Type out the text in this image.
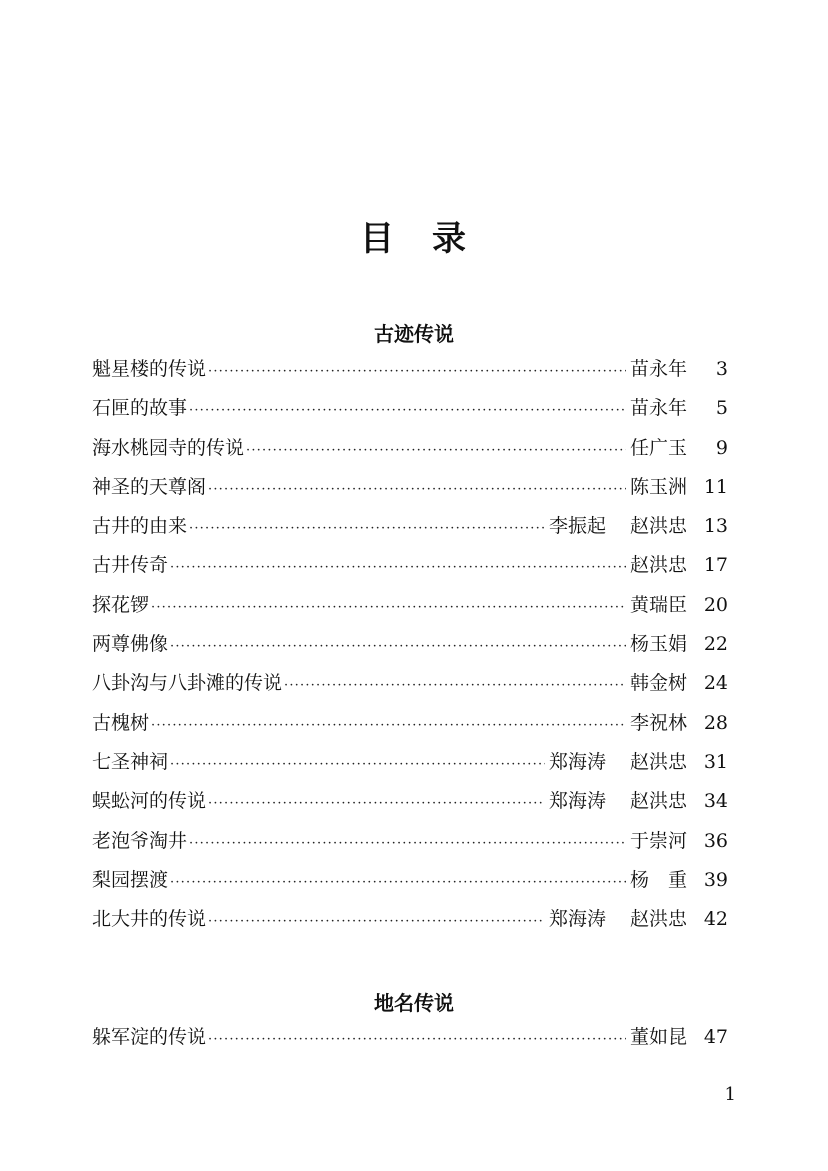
目　录
古迹传说
魁星楼的传说 ·····	苗永年	3
石匣的故事 ·····	苗永年	5
海水桃园寺的传说 ·····	任广玉	9
神圣的天尊阁 ·····	陈玉洲 11
古井的由来 ·····	李振起 赵洪忠 13
古井传奇 ·····	赵洪忠 17
探花锣 ·····	黄瑞臣 20
两尊佛像 ·····	杨玉娟 22
八卦沟与八卦滩的传说 ·····	韩金树 24
古槐树 ·····	李祝林 28
七圣神祠 ·····	郑海涛 赵洪忠 31
蜈蚣河的传说 ·····	郑海涛 赵洪忠 34
老泡爷淘井 ·····	于崇河 36
梨园摆渡 ·····	杨　重 39
北大井的传说 ·····	郑海涛 赵洪忠 42
地名传说
躲军淀的传说 ·····	董如昆 47
1
